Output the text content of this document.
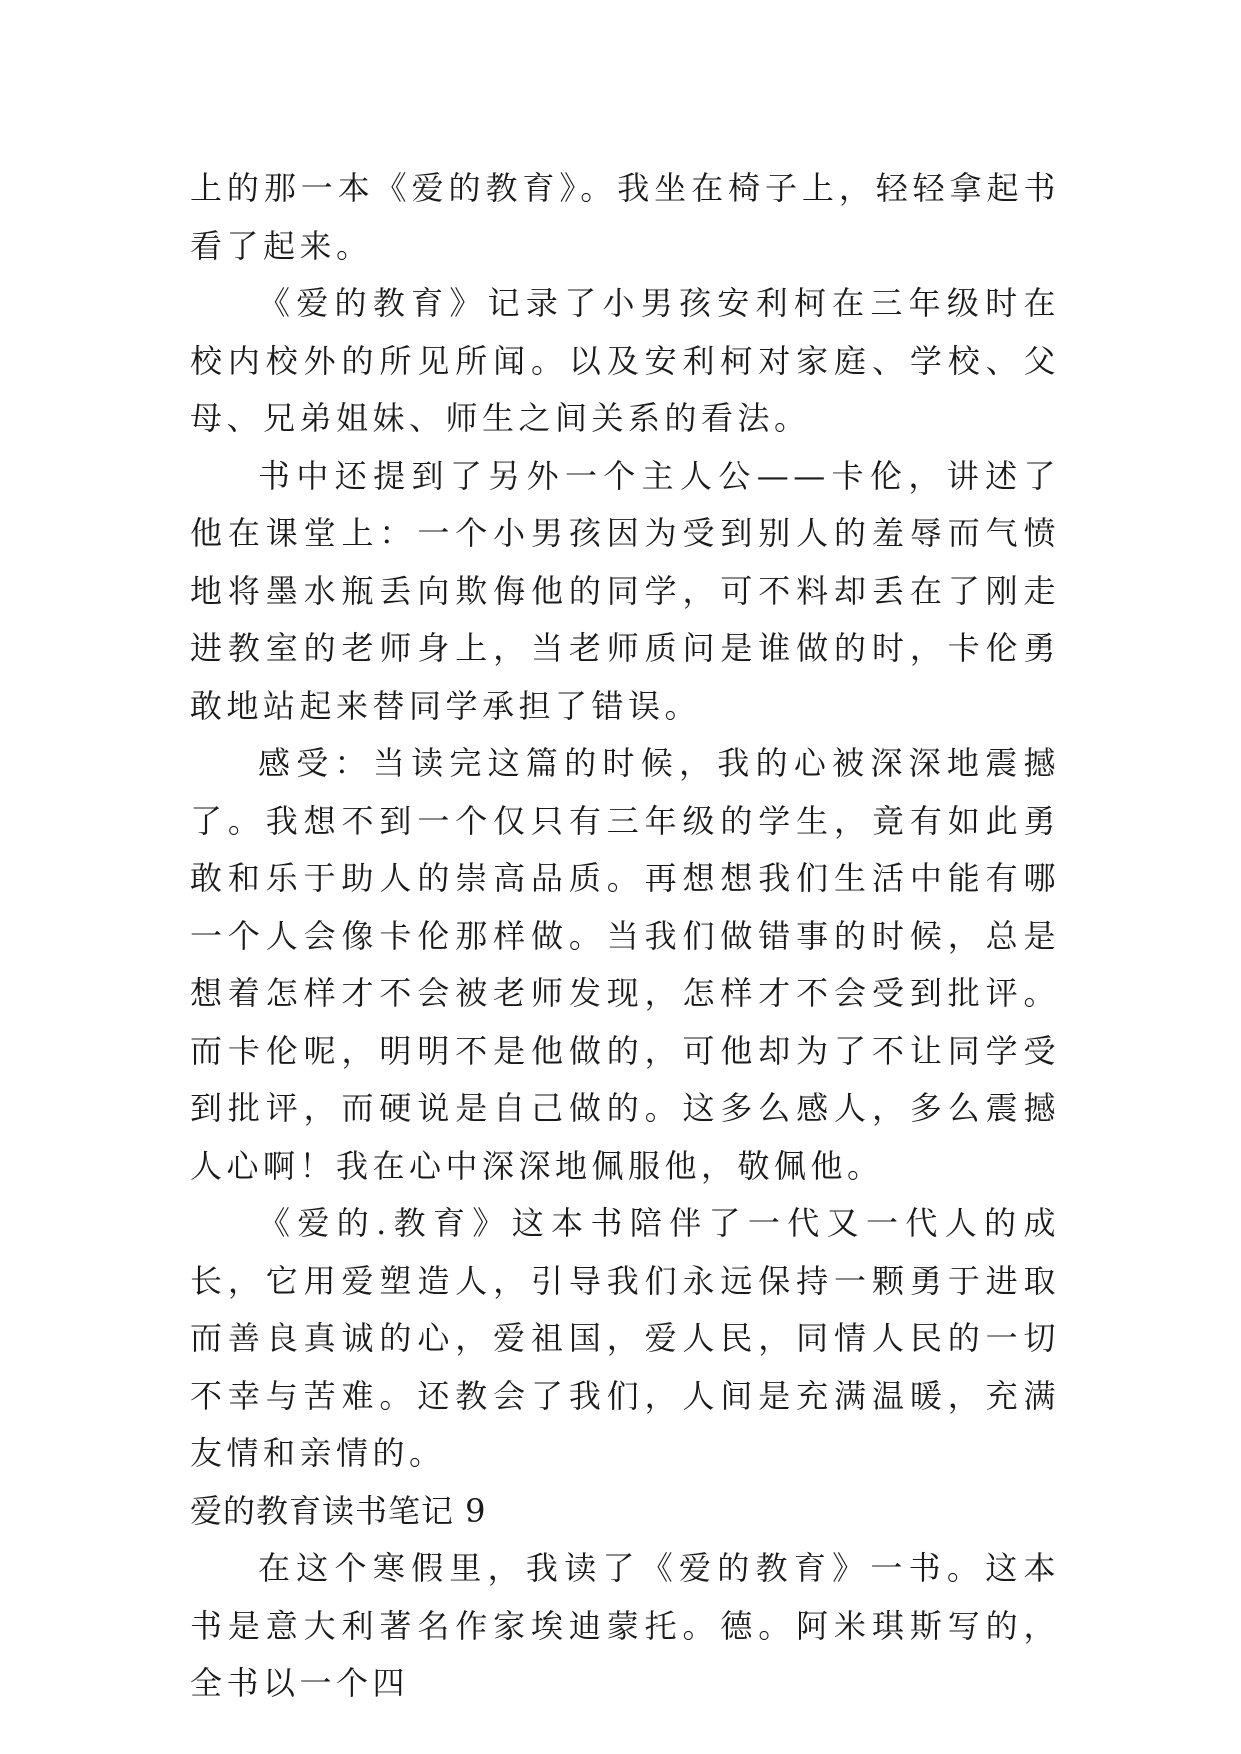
上的那一本《爱的教育》。我坐在椅子上，轻轻拿起书看了起来。

《爱的教育》记录了小男孩安利柯在三年级时在校内校外的所见所闻。以及安利柯对家庭、学校、父母、兄弟姐妹、师生之间关系的看法。

书中还提到了另外一个主人公——卡伦，讲述了他在课堂上：一个小男孩因为受到别人的羞辱而气愤地将墨水瓶丢向欺侮他的同学，可不料却丢在了刚走进教室的老师身上，当老师质问是谁做的时，卡伦勇敢地站起来替同学承担了错误。

感受：当读完这篇的时候，我的心被深深地震撼了。我想不到一个仅只有三年级的学生，竟有如此勇敢和乐于助人的崇高品质。再想想我们生活中能有哪一个人会像卡伦那样做。当我们做错事的时候，总是想着怎样才不会被老师发现，怎样才不会受到批评。而卡伦呢，明明不是他做的，可他却为了不让同学受到批评，而硬说是自己做的。这多么感人，多么震撼人心啊！我在心中深深地佩服他，敬佩他。

《爱的.教育》这本书陪伴了一代又一代人的成长，它用爱塑造人，引导我们永远保持一颗勇于进取而善良真诚的心，爱祖国，爱人民，同情人民的一切不幸与苦难。还教会了我们，人间是充满温暖，充满友情和亲情的。

爱的教育读书笔记 9

在这个寒假里，我读了《爱的教育》一书。这本书是意大利著名作家埃迪蒙托。德。阿米琪斯写的，全书以一个四
